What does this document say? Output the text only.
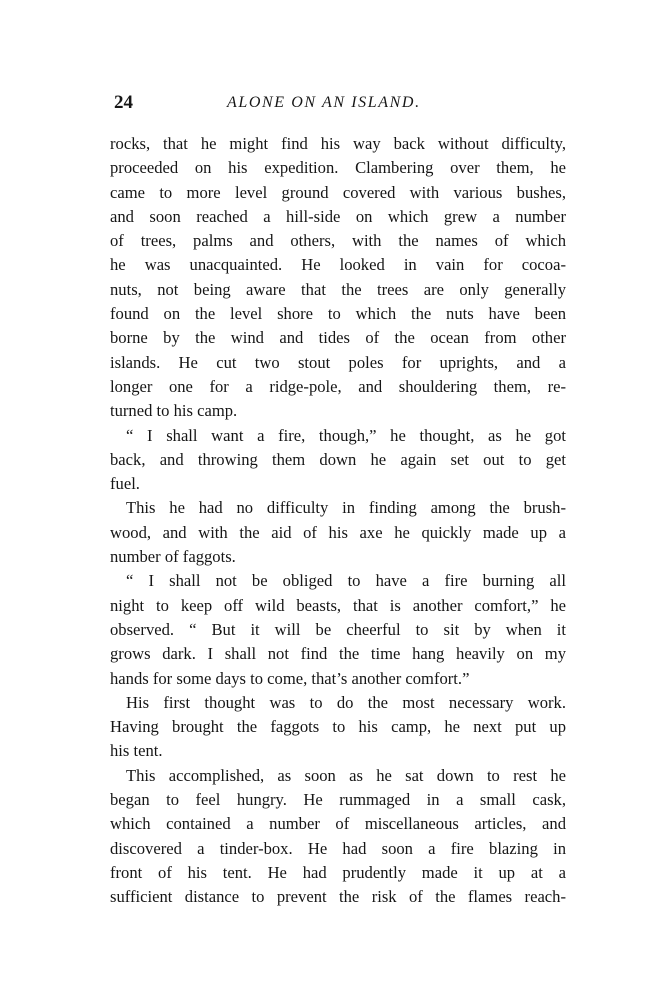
24	ALONE ON AN ISLAND.
rocks, that he might find his way back without difficulty,
proceeded on his expedition. Clambering over them, he
came to more level ground covered with various bushes,
and soon reached a hill-side on which grew a number
of trees, palms and others, with the names of which
he was unacquainted. He looked in vain for cocoa-
nuts, not being aware that the trees are only generally
found on the level shore to which the nuts have been
borne by the wind and tides of the ocean from other
islands. He cut two stout poles for uprights, and a
longer one for a ridge-pole, and shouldering them, re-
turned to his camp.
“ I shall want a fire, though,” he thought, as he got
back, and throwing them down he again set out to get
fuel.
This he had no difficulty in finding among the brush-
wood, and with the aid of his axe he quickly made up a
number of faggots.
“ I shall not be obliged to have a fire burning all
night to keep off wild beasts, that is another comfort,” he
observed. “ But it will be cheerful to sit by when it
grows dark. I shall not find the time hang heavily on my
hands for some days to come, that’s another comfort.”
His first thought was to do the most necessary work.
Having brought the faggots to his camp, he next put up
his tent.
This accomplished, as soon as he sat down to rest he
began to feel hungry. He rummaged in a small cask,
which contained a number of miscellaneous articles, and
discovered a tinder-box. He had soon a fire blazing in
front of his tent. He had prudently made it up at a
sufficient distance to prevent the risk of the flames reach-
